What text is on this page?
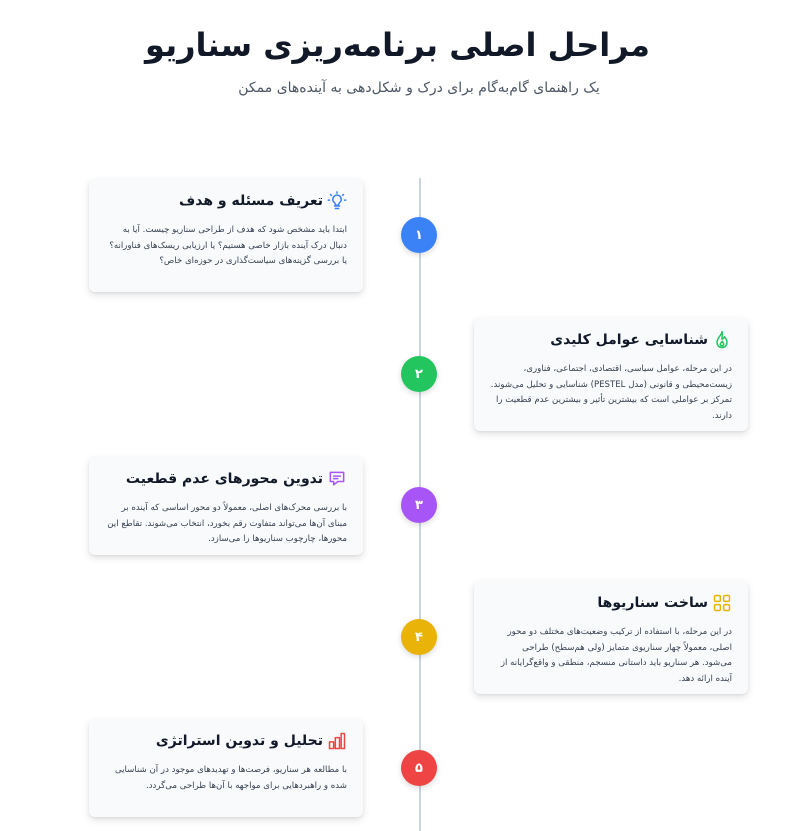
مراحل اصلی برنامه‌ریزی سناریو

یک راهنمای گام‌به‌گام برای درک و شکل‌دهی به آینده‌های ممکن

۱
تعریف مسئله و هدف

ابتدا باید مشخص شود که هدف از طراحی سناریو چیست. آیا به دنبال درک آینده بازار خاصی هستیم؟ یا ارزیابی ریسک‌های فناورانه؟ یا بررسی گزینه‌های سیاست‌گذاری در حوزه‌ای خاص؟

۲
شناسایی عوامل کلیدی

در این مرحله، عوامل سیاسی، اقتصادی، اجتماعی، فناوری، زیست‌محیطی و قانونی (مدل PESTEL) شناسایی و تحلیل می‌شوند. تمرکز بر عواملی است که بیشترین تأثیر و بیشترین عدم قطعیت را دارند.

۳
تدوین محورهای عدم قطعیت

با بررسی محرک‌های اصلی، معمولاً دو محور اساسی که آینده بر مبنای آن‌ها می‌تواند متفاوت رقم بخورد، انتخاب می‌شوند. تقاطع این محورها، چارچوب سناریوها را می‌سازد.

۴
ساخت سناریوها

در این مرحله، با استفاده از ترکیب وضعیت‌های مختلف دو محور اصلی، معمولاً چهار سناریوی متمایز (ولی هم‌سطح) طراحی می‌شود. هر سناریو باید داستانی منسجم، منطقی و واقع‌گرایانه از آینده ارائه دهد.

۵
تحلیل و تدوین استراتژی

با مطالعه هر سناریو، فرصت‌ها و تهدیدهای موجود در آن شناسایی شده و راهبردهایی برای مواجهه با آن‌ها طراحی می‌گردد.
